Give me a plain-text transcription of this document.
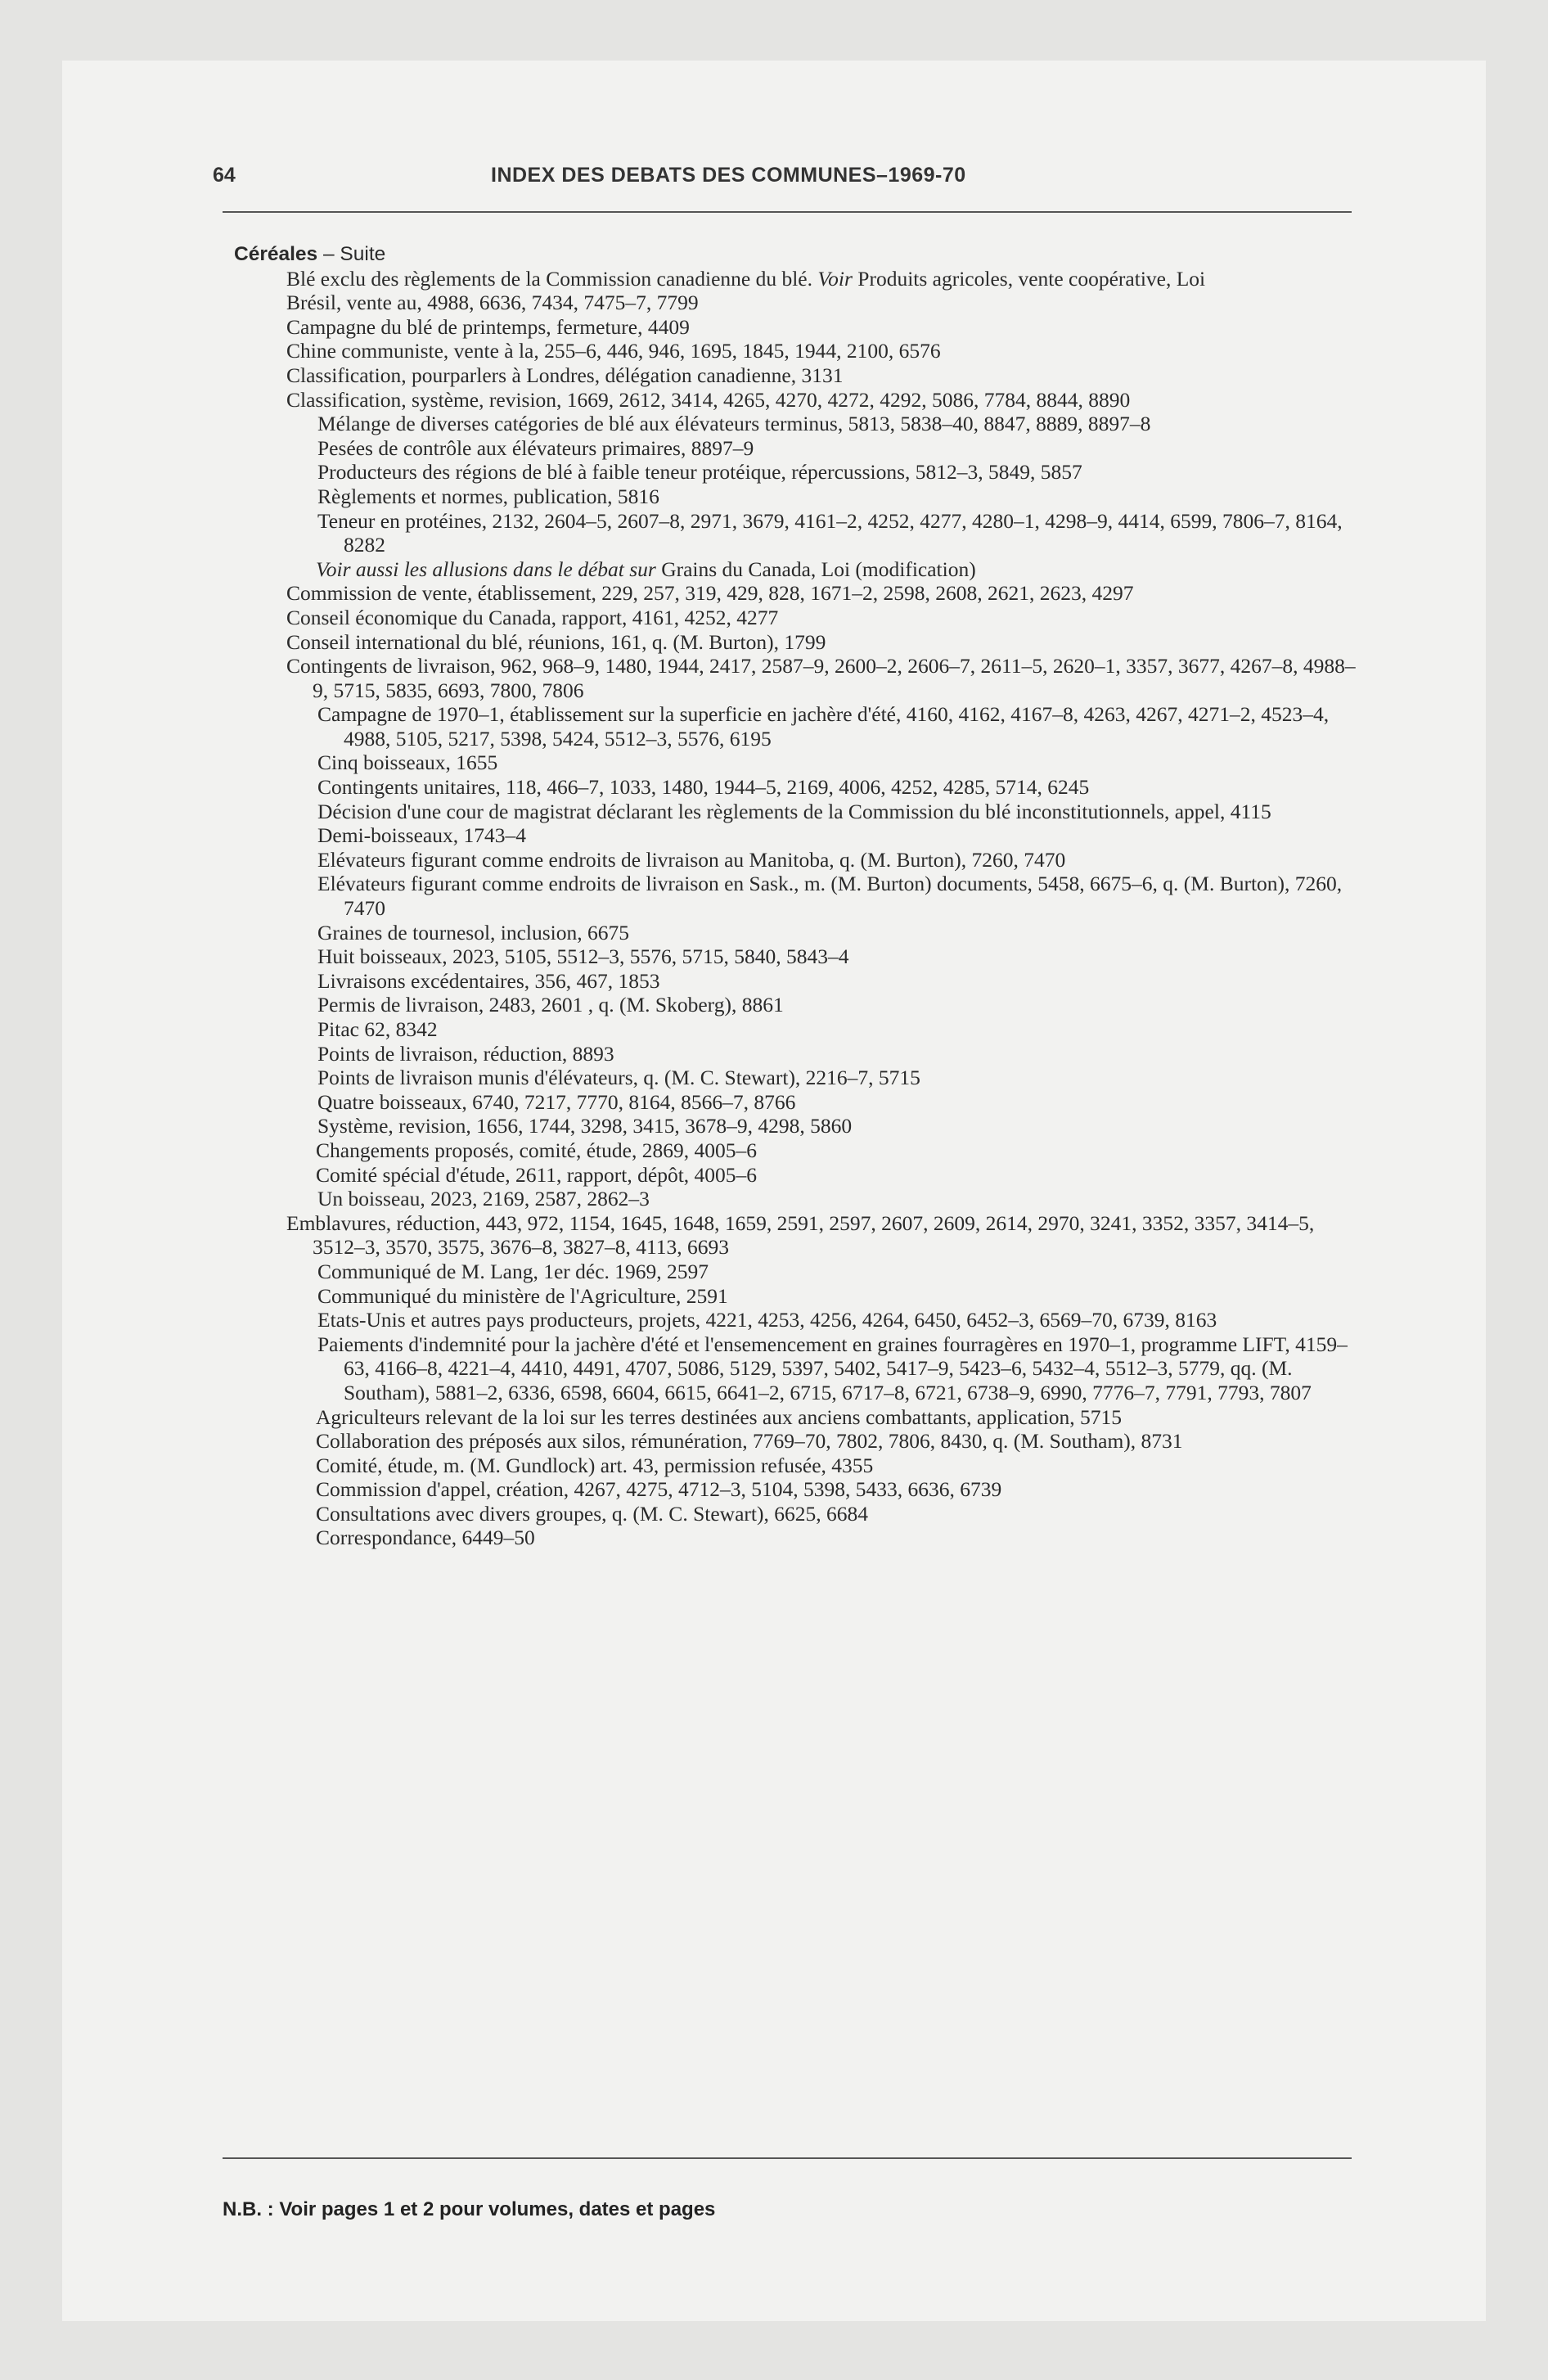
64	INDEX DES DEBATS DES COMMUNES–1969-70

Céréales – Suite

Blé exclu des règlements de la Commission canadienne du blé. Voir Produits agricoles, vente coopérative, Loi

Brésil, vente au, 4988, 6636, 7434, 7475–7, 7799

Campagne du blé de printemps, fermeture, 4409

Chine communiste, vente à la, 255–6, 446, 946, 1695, 1845, 1944, 2100, 6576

Classification, pourparlers à Londres, délégation canadienne, 3131

Classification, système, revision, 1669, 2612, 3414, 4265, 4270, 4272, 4292, 5086, 7784, 8844, 8890

Mélange de diverses catégories de blé aux élévateurs terminus, 5813, 5838–40, 8847, 8889, 8897–8

Pesées de contrôle aux élévateurs primaires, 8897–9

Producteurs des régions de blé à faible teneur protéique, répercussions, 5812–3, 5849, 5857

Règlements et normes, publication, 5816

Teneur en protéines, 2132, 2604–5, 2607–8, 2971, 3679, 4161–2, 4252, 4277, 4280–1, 4298–9, 4414, 6599, 7806–7, 8164, 8282

Voir aussi les allusions dans le débat sur Grains du Canada, Loi (modification)

Commission de vente, établissement, 229, 257, 319, 429, 828, 1671–2, 2598, 2608, 2621, 2623, 4297

Conseil économique du Canada, rapport, 4161, 4252, 4277

Conseil international du blé, réunions, 161, q. (M. Burton), 1799

Contingents de livraison, 962, 968–9, 1480, 1944, 2417, 2587–9, 2600–2, 2606–7, 2611–5, 2620–1, 3357, 3677, 4267–8, 4988–9, 5715, 5835, 6693, 7800, 7806

Campagne de 1970–1, établissement sur la superficie en jachère d'été, 4160, 4162, 4167–8, 4263, 4267, 4271–2, 4523–4, 4988, 5105, 5217, 5398, 5424, 5512–3, 5576, 6195

Cinq boisseaux, 1655

Contingents unitaires, 118, 466–7, 1033, 1480, 1944–5, 2169, 4006, 4252, 4285, 5714, 6245

Décision d'une cour de magistrat déclarant les règlements de la Commission du blé inconstitutionnels, appel, 4115

Demi-boisseaux, 1743–4

Elévateurs figurant comme endroits de livraison au Manitoba, q. (M. Burton), 7260, 7470

Elévateurs figurant comme endroits de livraison en Sask., m. (M. Burton) documents, 5458, 6675–6, q. (M. Burton), 7260, 7470

Graines de tournesol, inclusion, 6675

Huit boisseaux, 2023, 5105, 5512–3, 5576, 5715, 5840, 5843–4

Livraisons excédentaires, 356, 467, 1853

Permis de livraison, 2483, 2601 , q. (M. Skoberg), 8861

Pitac 62, 8342

Points de livraison, réduction, 8893

Points de livraison munis d'élévateurs, q. (M. C. Stewart), 2216–7, 5715

Quatre boisseaux, 6740, 7217, 7770, 8164, 8566–7, 8766

Système, revision, 1656, 1744, 3298, 3415, 3678–9, 4298, 5860

Changements proposés, comité, étude, 2869, 4005–6

Comité spécial d'étude, 2611, rapport, dépôt, 4005–6

Un boisseau, 2023, 2169, 2587, 2862–3

Emblavures, réduction, 443, 972, 1154, 1645, 1648, 1659, 2591, 2597, 2607, 2609, 2614, 2970, 3241, 3352, 3357, 3414–5, 3512–3, 3570, 3575, 3676–8, 3827–8, 4113, 6693

Communiqué de M. Lang, 1er déc. 1969, 2597

Communiqué du ministère de l'Agriculture, 2591

Etats-Unis et autres pays producteurs, projets, 4221, 4253, 4256, 4264, 6450, 6452–3, 6569–70, 6739, 8163

Paiements d'indemnité pour la jachère d'été et l'ensemencement en graines fourragères en 1970–1, programme LIFT, 4159–63, 4166–8, 4221–4, 4410, 4491, 4707, 5086, 5129, 5397, 5402, 5417–9, 5423–6, 5432–4, 5512–3, 5779, qq. (M. Southam), 5881–2, 6336, 6598, 6604, 6615, 6641–2, 6715, 6717–8, 6721, 6738–9, 6990, 7776–7, 7791, 7793, 7807

Agriculteurs relevant de la loi sur les terres destinées aux anciens combattants, application, 5715

Collaboration des préposés aux silos, rémunération, 7769–70, 7802, 7806, 8430, q. (M. Southam), 8731

Comité, étude, m. (M. Gundlock) art. 43, permission refusée, 4355

Commission d'appel, création, 4267, 4275, 4712–3, 5104, 5398, 5433, 6636, 6739

Consultations avec divers groupes, q. (M. C. Stewart), 6625, 6684

Correspondance, 6449–50

N.B. : Voir pages 1 et 2 pour volumes, dates et pages
